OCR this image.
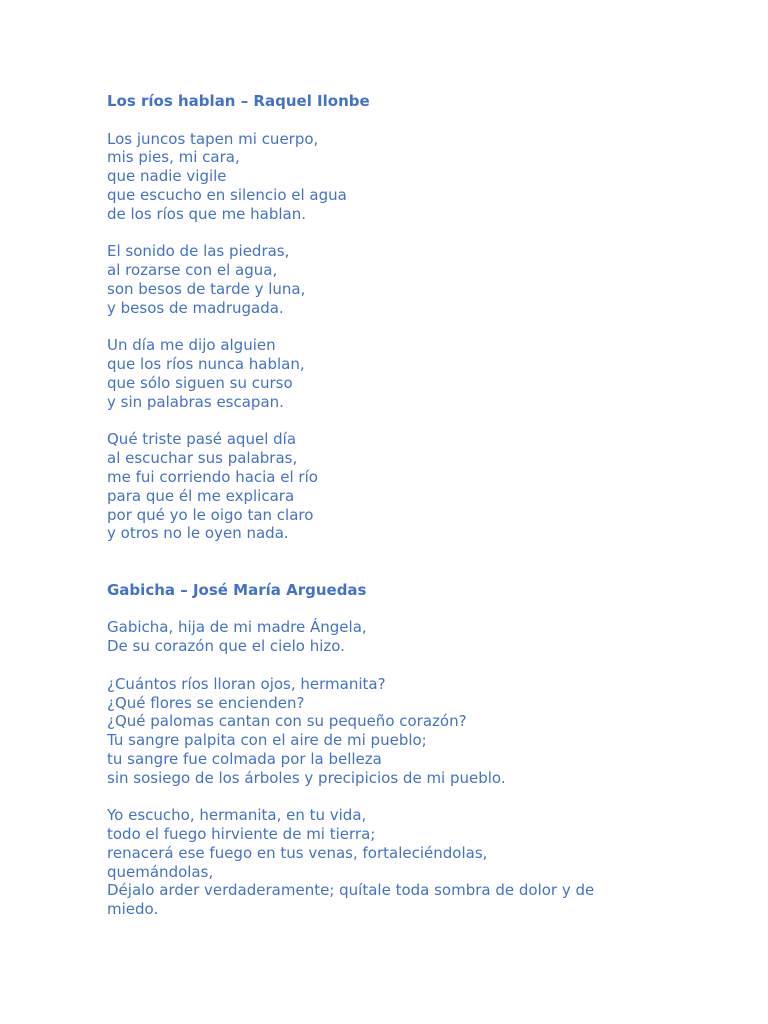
Los ríos hablan – Raquel Ilonbe
Los juncos tapen mi cuerpo,
mis pies, mi cara,
que nadie vigile
que escucho en silencio el agua
de los ríos que me hablan.
El sonido de las piedras,
al rozarse con el agua,
son besos de tarde y luna,
y besos de madrugada.
Un día me dijo alguien
que los ríos nunca hablan,
que sólo siguen su curso
y sin palabras escapan.
Qué triste pasé aquel día
al escuchar sus palabras,
me fui corriendo hacia el río
para que él me explicara
por qué yo le oigo tan claro
y otros no le oyen nada.
Gabicha – José María Arguedas
Gabicha, hija de mi madre Ángela,
De su corazón que el cielo hizo.
¿Cuántos ríos lloran ojos, hermanita?
¿Qué flores se encienden?
¿Qué palomas cantan con su pequeño corazón?
Tu sangre palpita con el aire de mi pueblo;
tu sangre fue colmada por la belleza
sin sosiego de los árboles y precipicios de mi pueblo.
Yo escucho, hermanita, en tu vida,
todo el fuego hirviente de mi tierra;
renacerá ese fuego en tus venas, fortaleciéndolas,
quemándolas,
Déjalo arder verdaderamente; quítale toda sombra de dolor y de miedo.
